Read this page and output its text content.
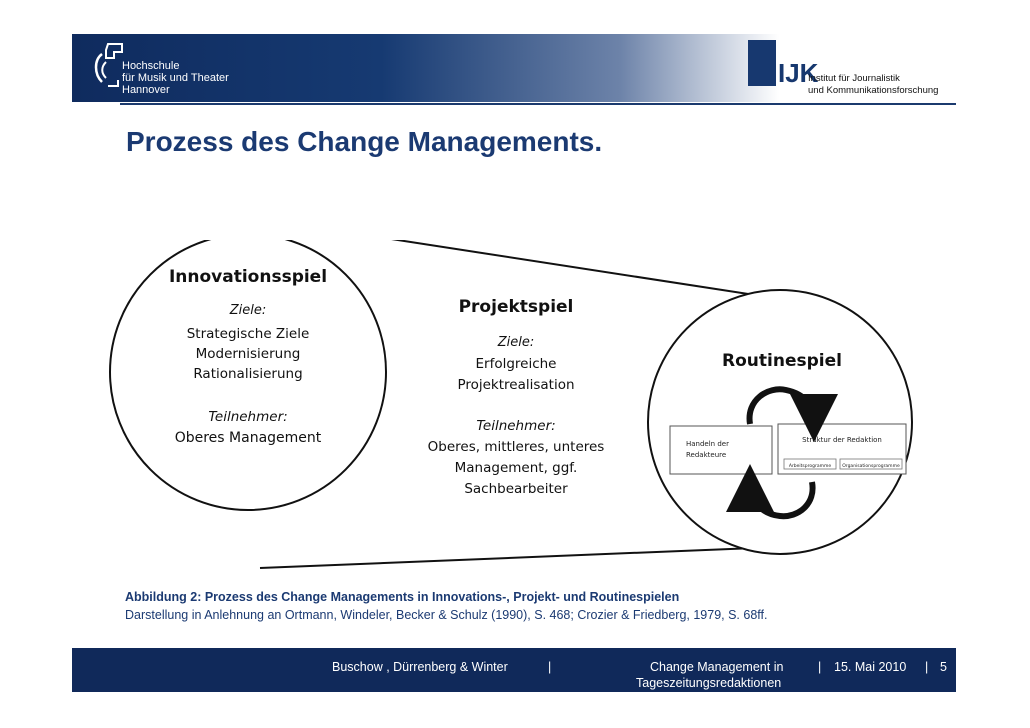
Hochschule
für Musik und Theater
Hannover
IJK
Institut für Journalistik
und Kommunikationsforschung
Prozess des Change Managements.
Innovationsspiel
Ziele:
Strategische Ziele
Modernisierung
Rationalisierung
Teilnehmer:
Oberes Management
Projektspiel
Ziele:
Erfolgreiche
Projektrealisation
Teilnehmer:
Oberes, mittleres, unteres
Management, ggf.
Sachbearbeiter
Routinespiel
Handeln der
Redakteure
Struktur der Redaktion
Arbeitsprogramme Organisationsprogramme
Abbildung 2: Prozess des Change Managements in Innovations-, Projekt- und Routinespielen
Darstellung in Anlehnung an Ortmann, Windeler, Becker & Schulz (1990), S. 468; Crozier & Friedberg, 1979, S. 68ff.
Buschow , Dürrenberg & Winter	|	Change Management in
Tageszeitungsredaktionen
| 15. Mai 2010 | 5
